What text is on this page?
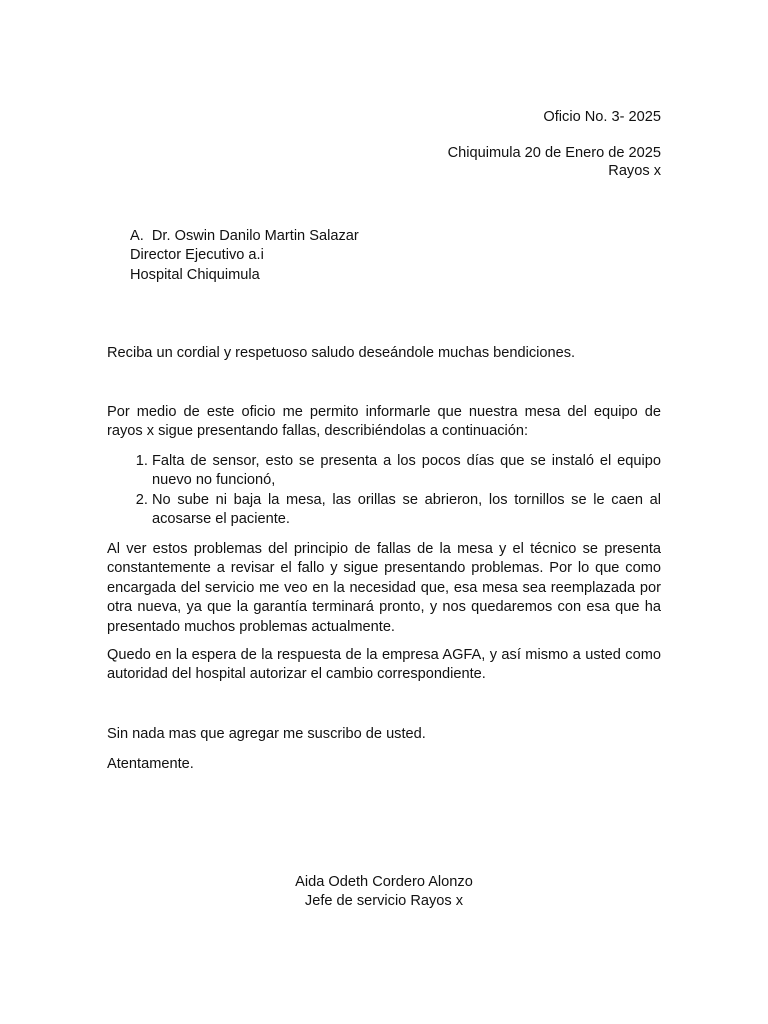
Oficio No. 3- 2025
Chiquimula 20 de Enero de 2025
Rayos x
A.  Dr. Oswin Danilo Martin Salazar
Director Ejecutivo a.i
Hospital Chiquimula
Reciba un cordial y respetuoso saludo deseándole muchas bendiciones.
Por medio de este oficio me permito informarle que nuestra mesa del equipo de rayos x sigue presentando fallas, describiéndolas a continuación:
1. Falta de sensor, esto se presenta a los pocos días que se instaló el equipo nuevo no funcionó,
2. No sube ni baja la mesa, las orillas se abrieron, los tornillos se le caen al acosarse el paciente.
Al ver estos problemas del principio de fallas de la mesa y el técnico se presenta constantemente a revisar el fallo y sigue presentando problemas. Por lo que como encargada del servicio me veo en la necesidad que, esa mesa sea reemplazada por otra nueva, ya que la garantía terminará pronto, y nos quedaremos con esa que ha presentado muchos problemas actualmente.
Quedo en la espera de la respuesta de la empresa AGFA, y así mismo a usted como autoridad del hospital autorizar el cambio correspondiente.
Sin nada mas que agregar me suscribo de usted.
Atentamente.
Aida Odeth Cordero Alonzo
Jefe de servicio Rayos x
